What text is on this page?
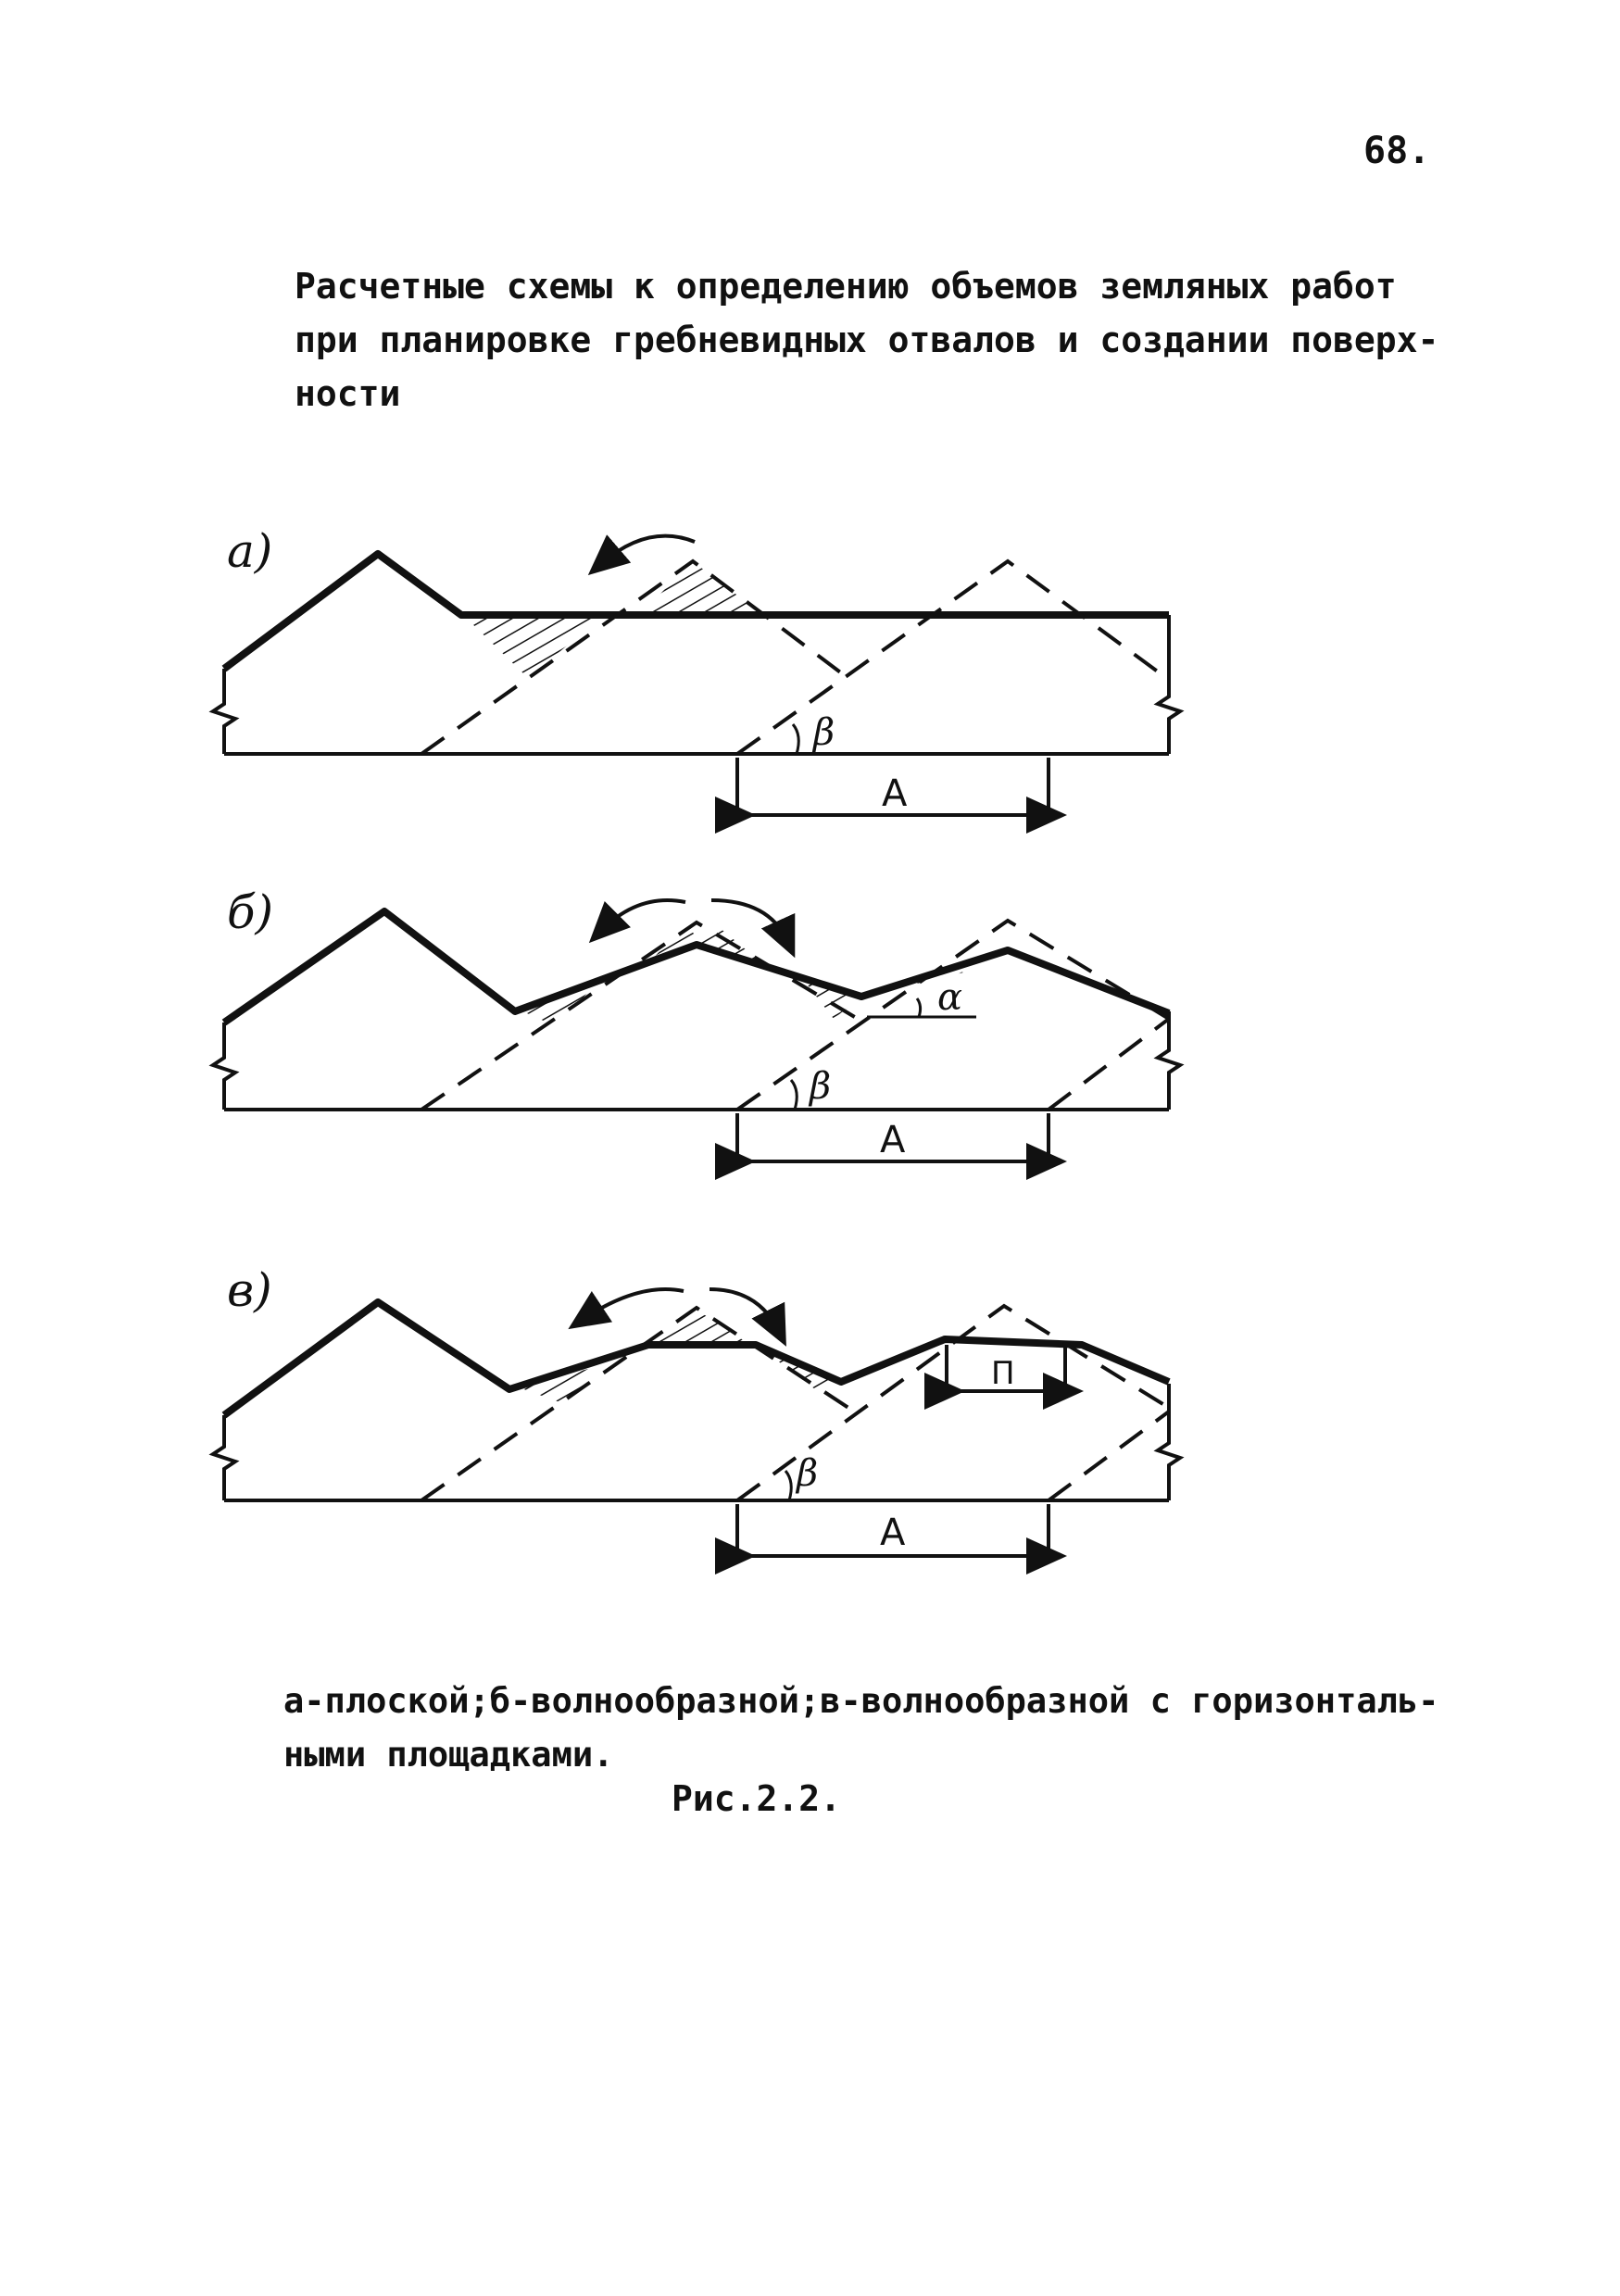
68.
Расчетные схемы к определению объемов земляных работ
при планировке гребневидных отвалов и создании поверх-
ности
а)
β
A
б)
α
β
A
в)
П
β
A
а-плоской;б-волнообразной;в-волнообразной с горизонталь-
ными площадками.
Рис.2.2.
